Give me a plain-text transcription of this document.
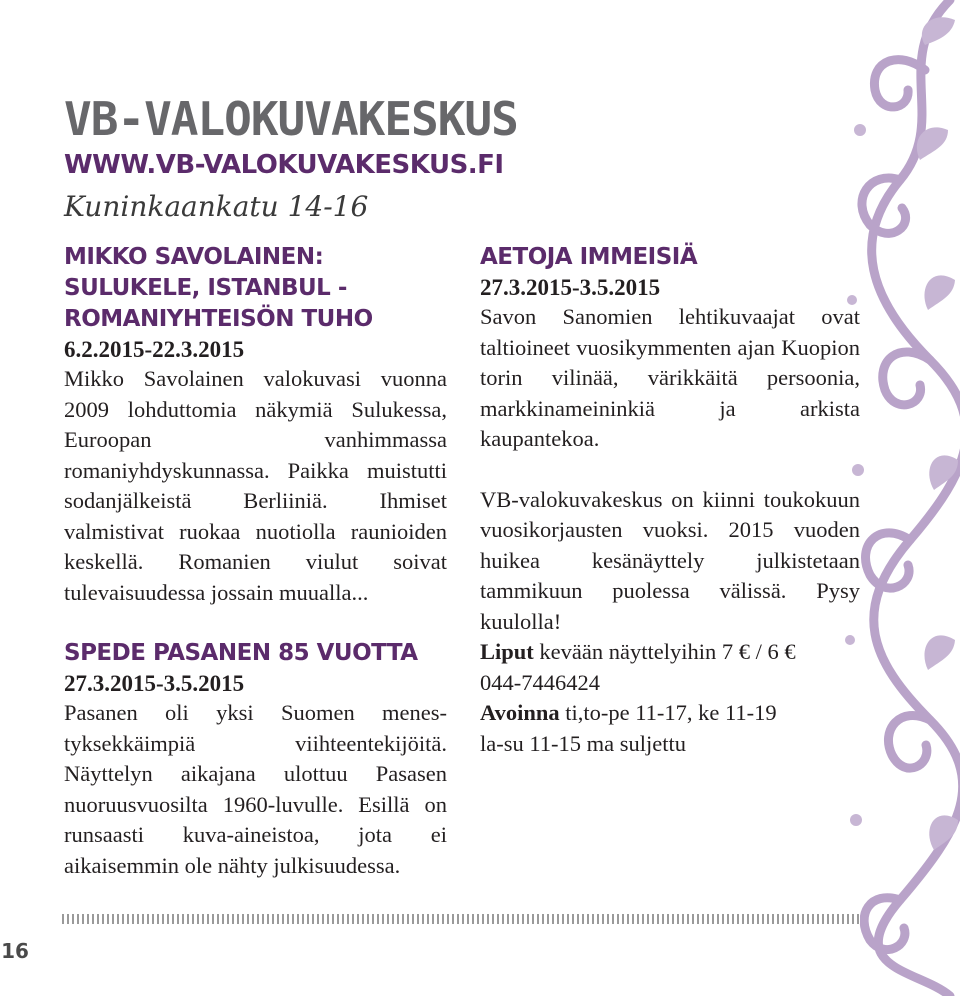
VB-VALOKUVAKESKUS
WWW.VB-VALOKUVAKESKUS.FI
Kuninkaankatu 14-16
MIKKO SAVOLAINEN:
SULUKELE, ISTANBUL -
ROMANIYHTEISÖN TUHO
6.2.2015-22.3.2015

Mikko Savolainen valokuvasi vuonna 2009 lohduttomia näkymiä Sulukessa, Euroopan vanhimmassa romaniyhdyskunnassa. Paikka muistutti sodanjälkeistä Berliiniä. Ihmiset valmistivat ruokaa nuotiolla raunioiden keskellä. Romanien viulut soivat tulevaisuudessa jossain muualla...

SPEDE PASANEN 85 VUOTTA
27.3.2015-3.5.2015

Pasanen oli yksi Suomen menestyksekkäimpiä viihteentekijöitä. Näyttelyn aikajana ulottuu Pasasen nuoruusvuosilta 1960-luvulle. Esillä on runsaasti kuva-aineistoa, jota ei aikaisemmin ole nähty julkisuudessa.

AETOJA IMMEISIÄ
27.3.2015-3.5.2015

Savon Sanomien lehtikuvaajat ovat taltioineet vuosikymmenten ajan Kuopion torin vilinää, värikkäitä persoonia, markkinameininkiä ja arkista kaupantekoa.

VB-valokuvakeskus on kiinni toukokuun vuosikorjausten vuoksi. 2015 vuoden huikea kesänäyttely julkistetaan tammikuun puolessa välissä. Pysy kuulolla!

Liput kevään näyttelyihin 7 € / 6 €

044-7446424

Avoinna ti,to-pe 11-17, ke 11-19

la-su 11-15 ma suljettu

16
